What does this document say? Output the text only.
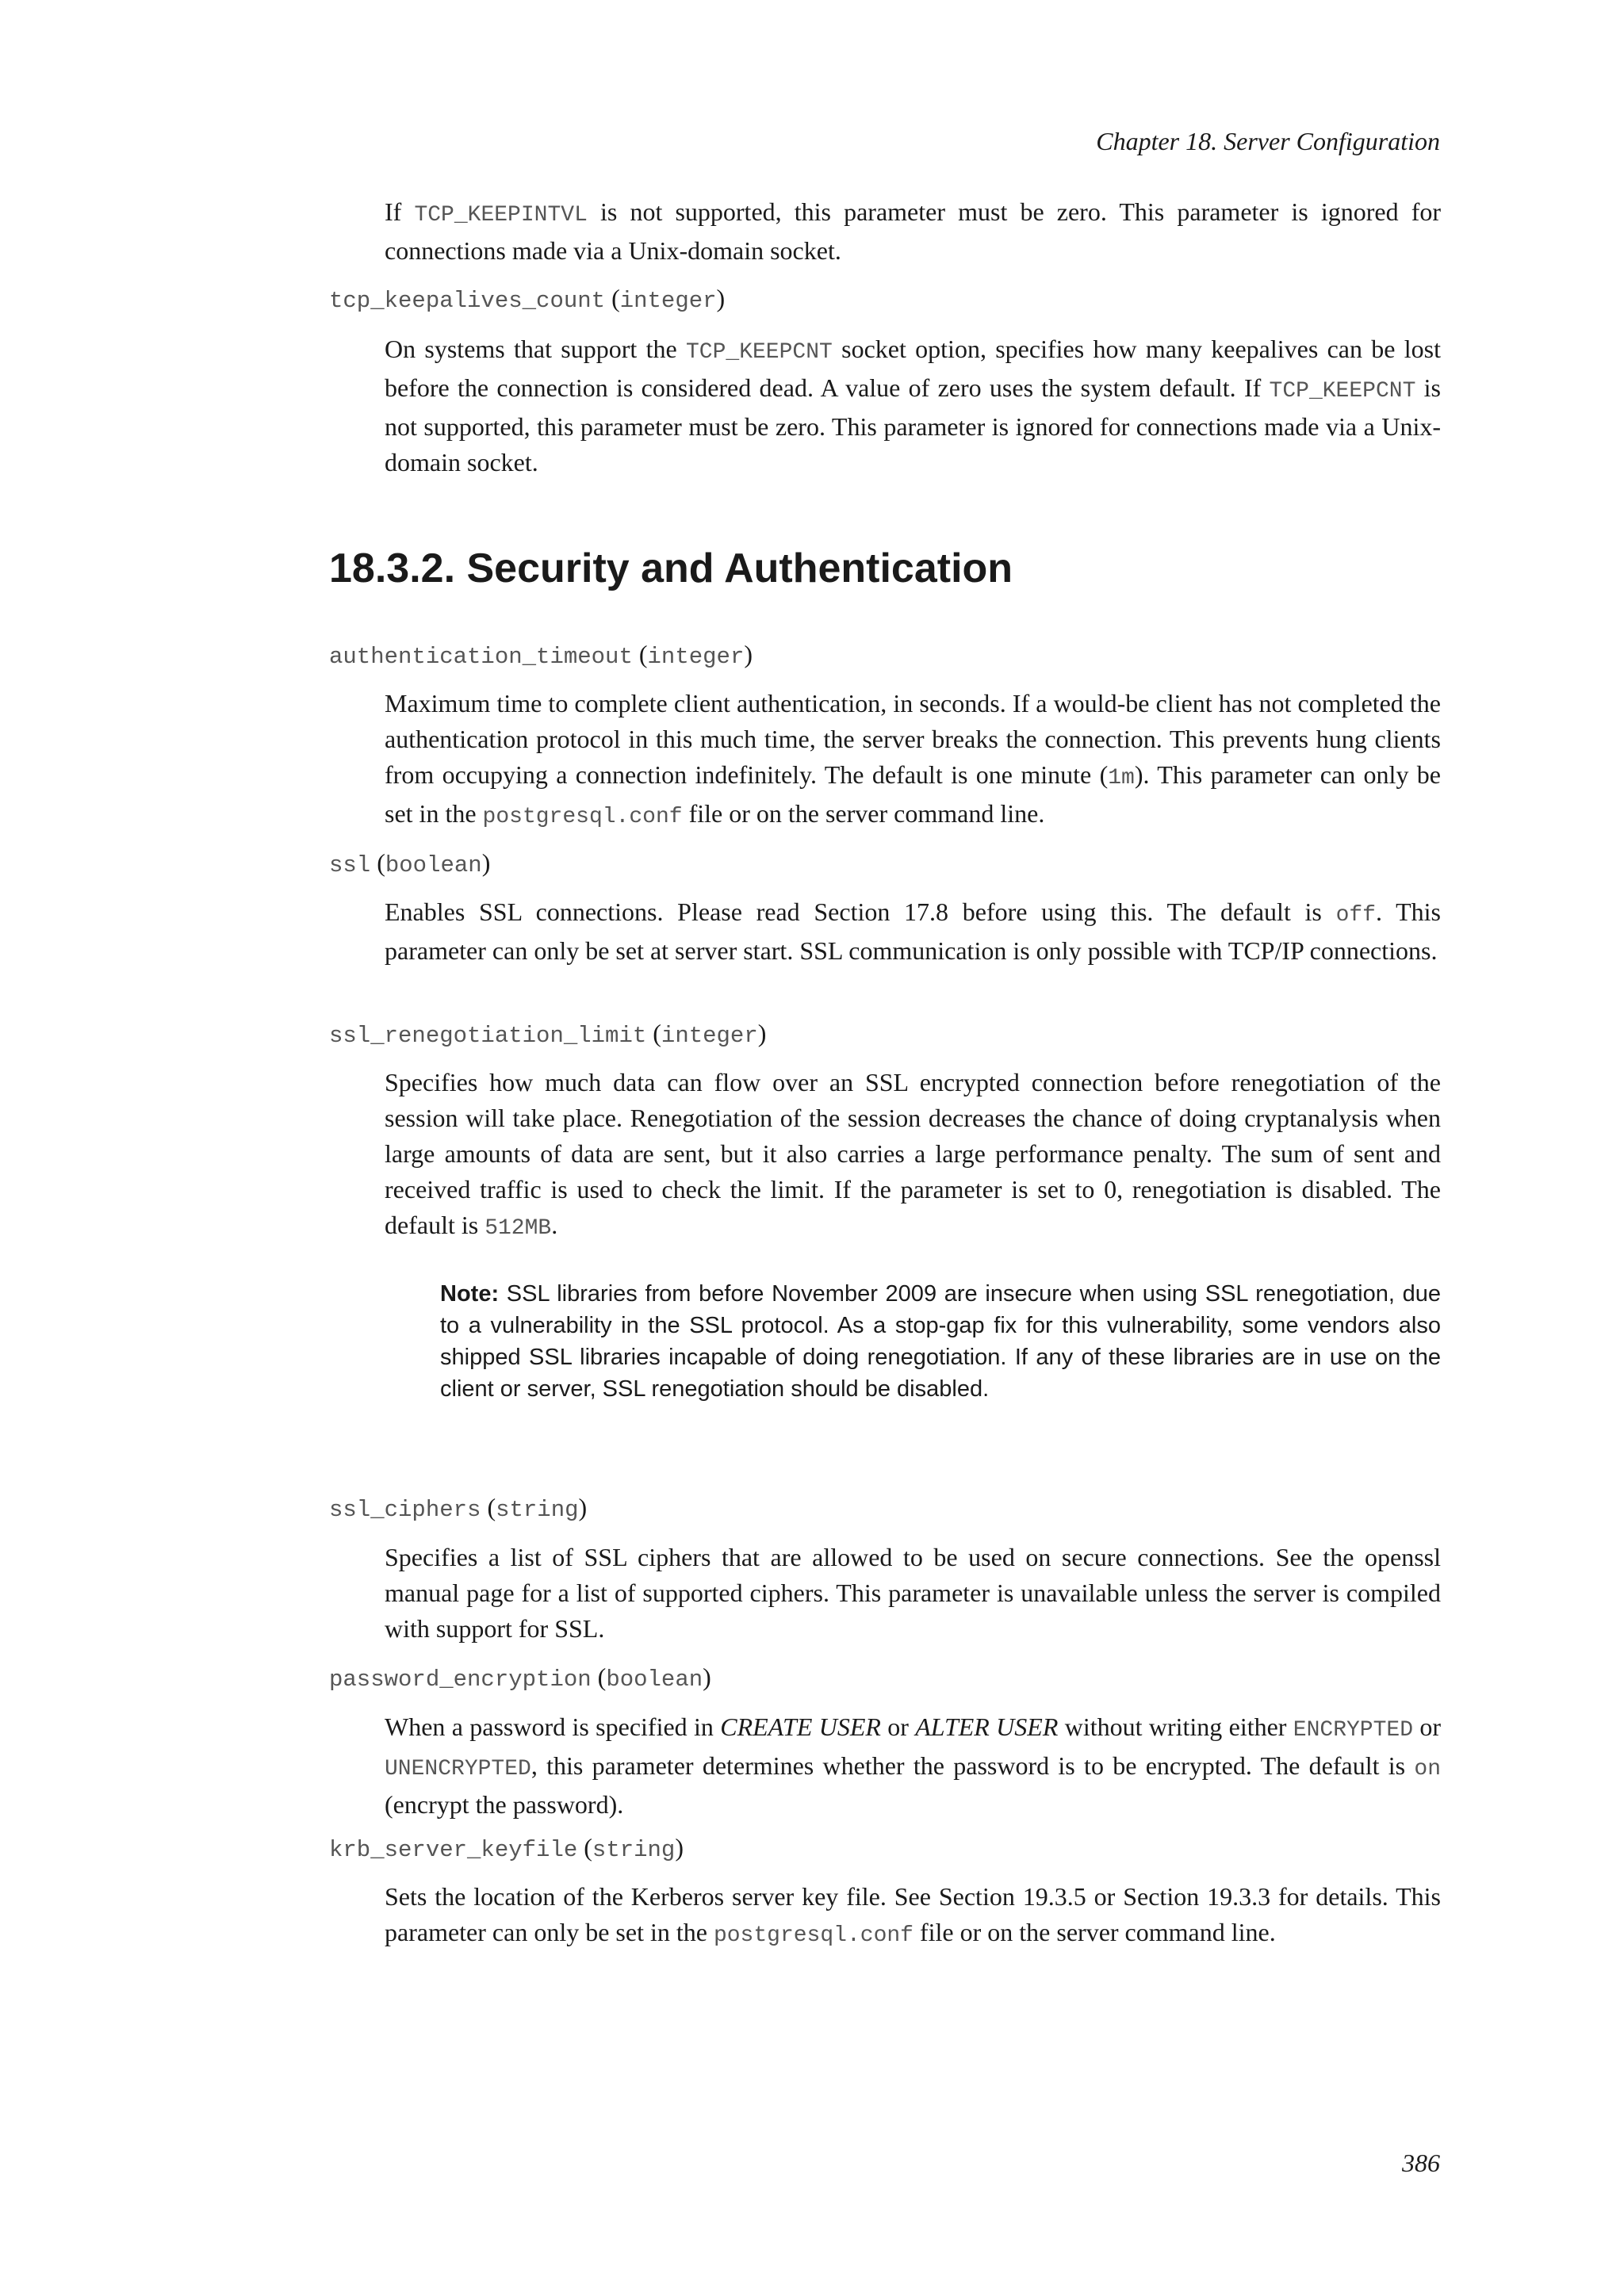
Chapter 18. Server Configuration
If TCP_KEEPINTVL is not supported, this parameter must be zero. This parameter is ignored for connections made via a Unix-domain socket.
tcp_keepalives_count (integer)
On systems that support the TCP_KEEPCNT socket option, specifies how many keepalives can be lost before the connection is considered dead. A value of zero uses the system default. If TCP_KEEPCNT is not supported, this parameter must be zero. This parameter is ignored for connections made via a Unix-domain socket.
18.3.2. Security and Authentication
authentication_timeout (integer)
Maximum time to complete client authentication, in seconds. If a would-be client has not completed the authentication protocol in this much time, the server breaks the connection. This prevents hung clients from occupying a connection indefinitely. The default is one minute (1m). This parameter can only be set in the postgresql.conf file or on the server command line.
ssl (boolean)
Enables SSL connections. Please read Section 17.8 before using this. The default is off. This parameter can only be set at server start. SSL communication is only possible with TCP/IP connections.
ssl_renegotiation_limit (integer)
Specifies how much data can flow over an SSL encrypted connection before renegotiation of the session will take place. Renegotiation of the session decreases the chance of doing cryptanalysis when large amounts of data are sent, but it also carries a large performance penalty. The sum of sent and received traffic is used to check the limit. If the parameter is set to 0, renegotiation is disabled. The default is 512MB.
Note: SSL libraries from before November 2009 are insecure when using SSL renegotiation, due to a vulnerability in the SSL protocol. As a stop-gap fix for this vulnerability, some vendors also shipped SSL libraries incapable of doing renegotiation. If any of these libraries are in use on the client or server, SSL renegotiation should be disabled.
ssl_ciphers (string)
Specifies a list of SSL ciphers that are allowed to be used on secure connections. See the openssl manual page for a list of supported ciphers. This parameter is unavailable unless the server is compiled with support for SSL.
password_encryption (boolean)
When a password is specified in CREATE USER or ALTER USER without writing either ENCRYPTED or UNENCRYPTED, this parameter determines whether the password is to be encrypted. The default is on (encrypt the password).
krb_server_keyfile (string)
Sets the location of the Kerberos server key file. See Section 19.3.5 or Section 19.3.3 for details. This parameter can only be set in the postgresql.conf file or on the server command line.
386
